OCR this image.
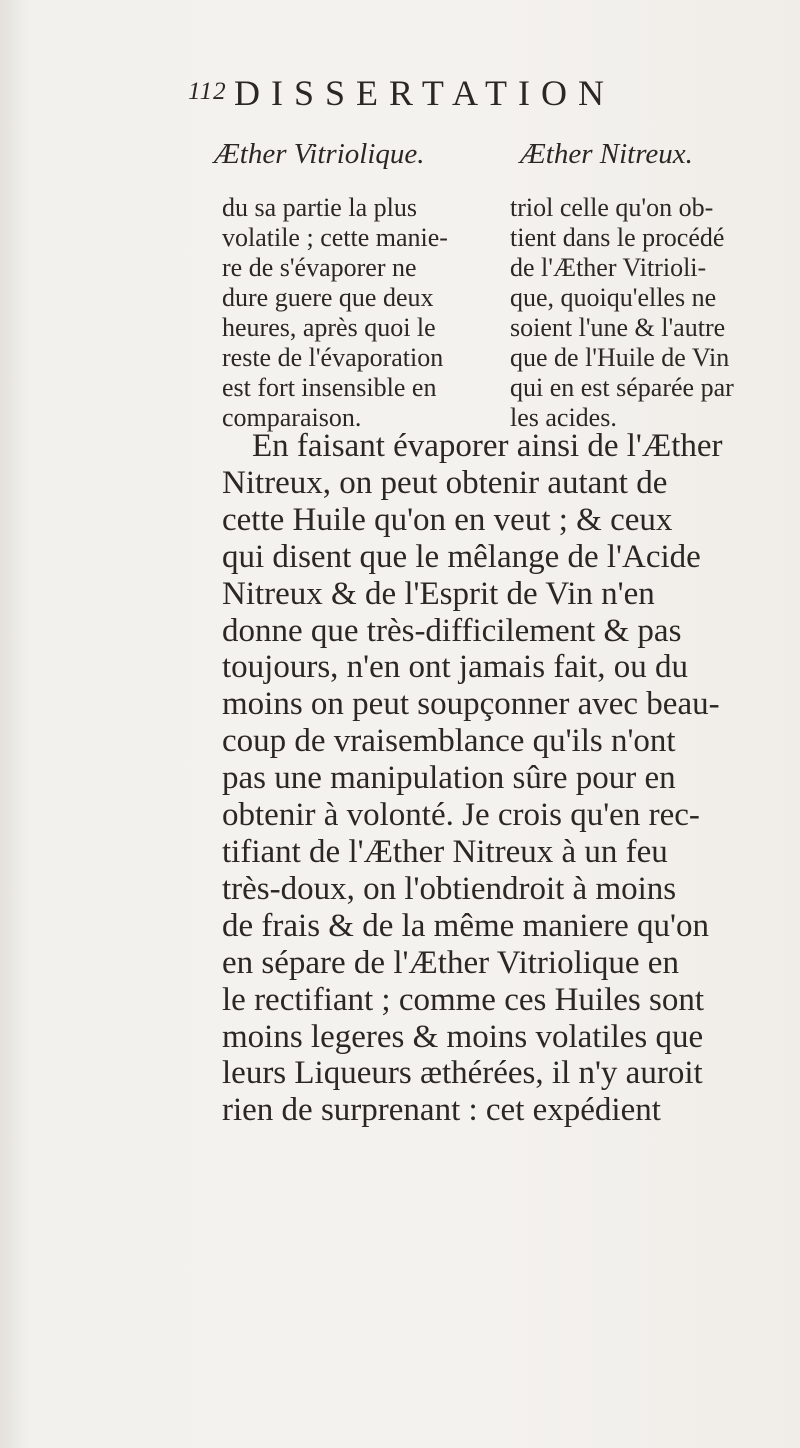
112 DISSERTATION
Æther Vitriolique.	Æther Nitreux.
du sa partie la plus
volatile ; cette manie-
re de s'évaporer ne
dure guere que deux
heures, après quoi le
reste de l'évaporation
est fort insensible en
comparaison.
triol celle qu'on ob-
tient dans le procédé
de l'Æther Vitrioli-
que, quoiqu'elles ne
soient l'une & l'autre
que de l'Huile de Vin
qui en est séparée par
les acides.
En faisant évaporer ainsi de l'Æther
Nitreux, on peut obtenir autant de
cette Huile qu'on en veut ; & ceux
qui disent que le mêlange de l'Acide
Nitreux & de l'Esprit de Vin n'en
donne que très-difficilement & pas
toujours, n'en ont jamais fait, ou du
moins on peut soupçonner avec beau-
coup de vraisemblance qu'ils n'ont
pas une manipulation sûre pour en
obtenir à volonté. Je crois qu'en rec-
tifiant de l'Æther Nitreux à un feu
très-doux, on l'obtiendroit à moins
de frais & de la même maniere qu'on
en sépare de l'Æther Vitriolique en
le rectifiant ; comme ces Huiles sont
moins legeres & moins volatiles que
leurs Liqueurs æthérées, il n'y auroit
rien de surprenant : cet expédient
